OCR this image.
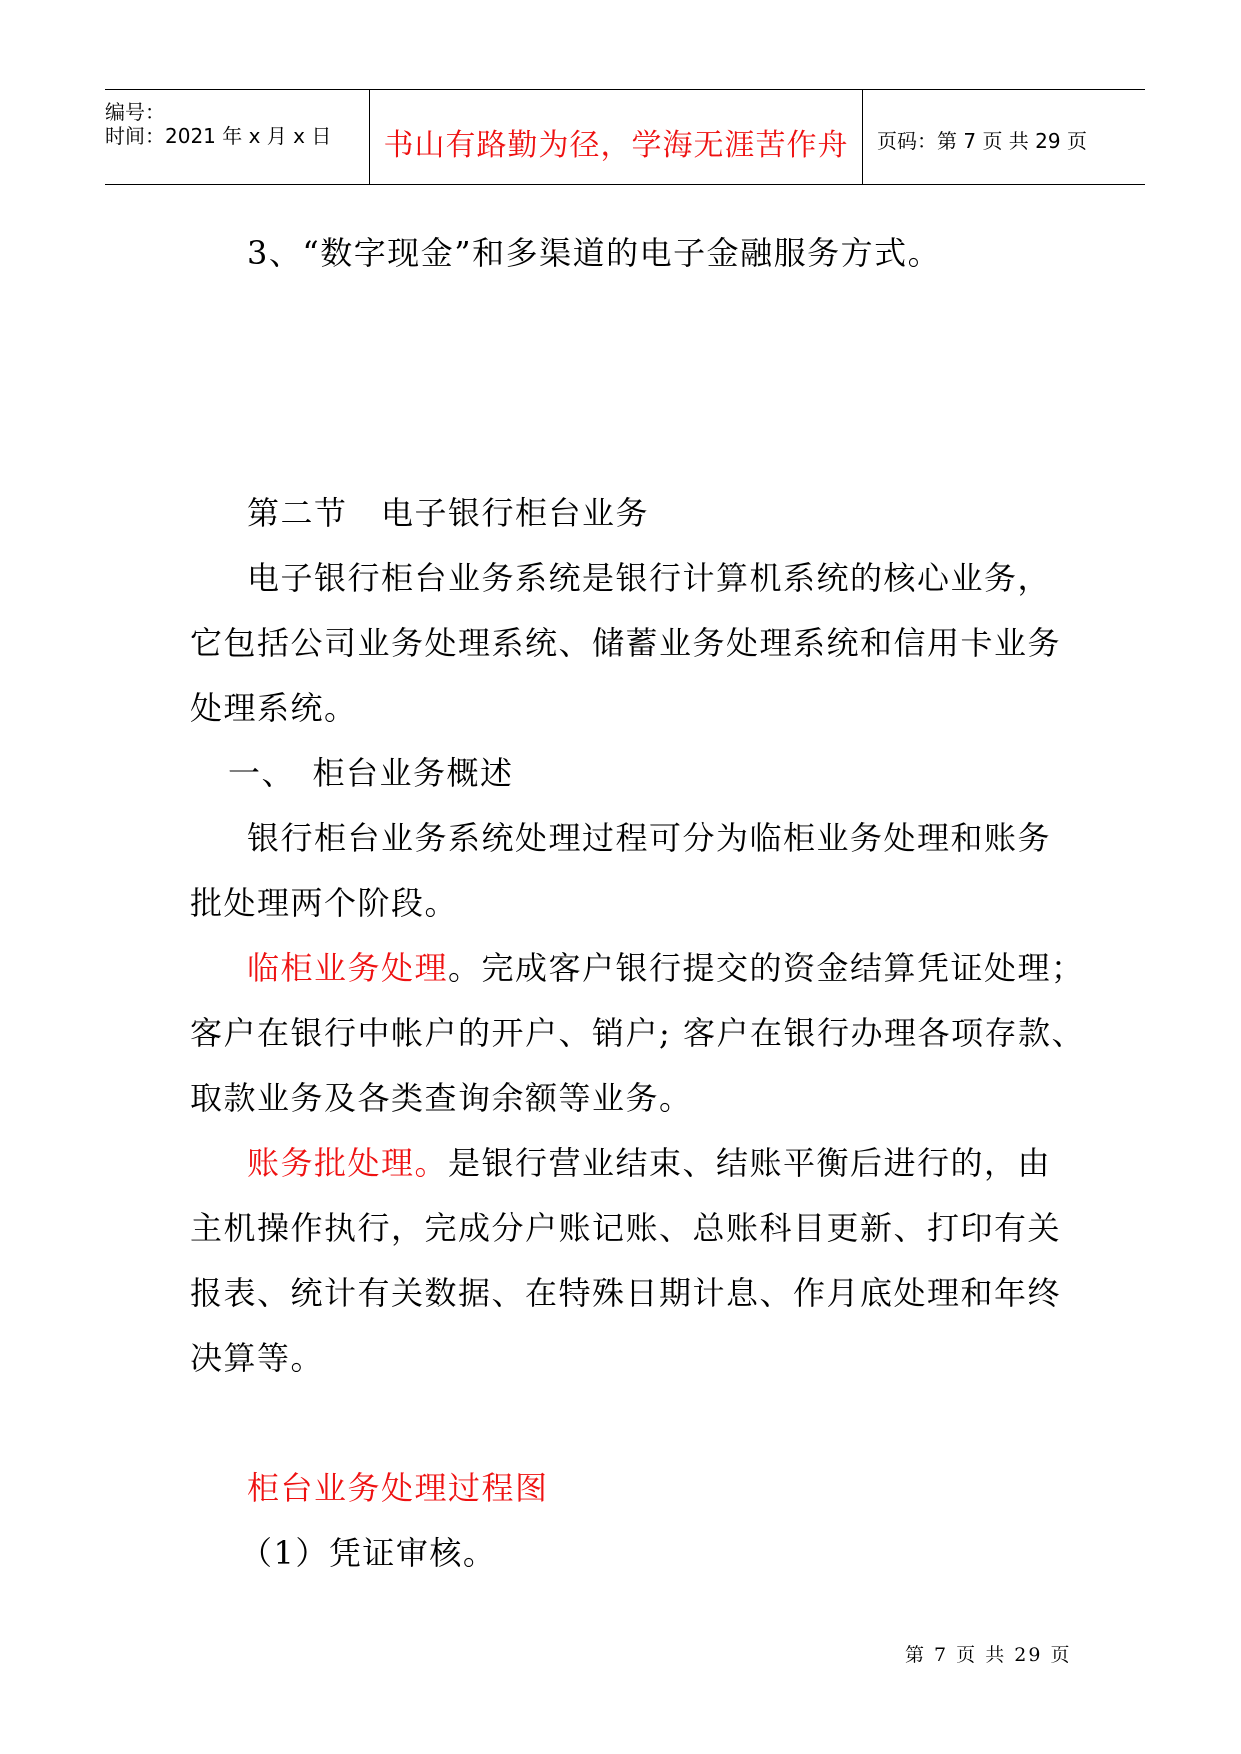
编号：
时间：2021 年 x 月 x 日	书山有路勤为径，学海无涯苦作舟	页码：第 7 页 共 29 页
3、“数字现金”和多渠道的电子金融服务方式。
第二节　电子银行柜台业务
电子银行柜台业务系统是银行计算机系统的核心业务，
它包括公司业务处理系统、储蓄业务处理系统和信用卡业务
处理系统。
一、　柜台业务概述
银行柜台业务系统处理过程可分为临柜业务处理和账务
批处理两个阶段。
临柜业务处理。完成客户银行提交的资金结算凭证处理；
客户在银行中帐户的开户、销户; 客户在银行办理各项存款、
取款业务及各类查询余额等业务。
账务批处理。是银行营业结束、结账平衡后进行的，由
主机操作执行，完成分户账记账、总账科目更新、打印有关
报表、统计有关数据、在特殊日期计息、作月底处理和年终
决算等。
柜台业务处理过程图
（1）凭证审核。
第 7 页 共 29 页
